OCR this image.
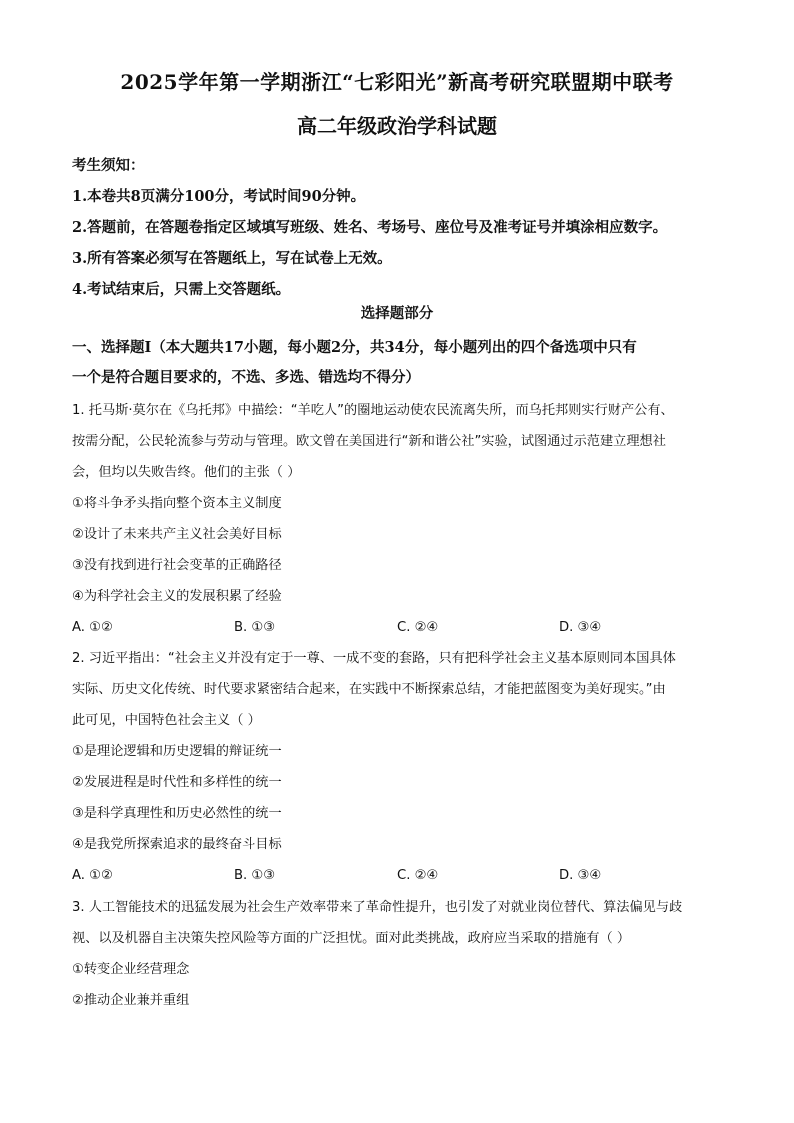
2025学年第一学期浙江“七彩阳光”新高考研究联盟期中联考
高二年级政治学科试题
考生须知：
1.本卷共8页满分100分，考试时间90分钟。
2.答题前，在答题卷指定区域填写班级、姓名、考场号、座位号及准考证号并填涂相应数字。
3.所有答案必须写在答题纸上，写在试卷上无效。
4.考试结束后，只需上交答题纸。
选择题部分
一、选择题Ⅰ（本大题共17小题，每小题2分，共34分，每小题列出的四个备选项中只有
一个是符合题目要求的，不选、多选、错选均不得分）
1. 托马斯·莫尔在《乌托邦》中描绘：“羊吃人”的圈地运动使农民流离失所，而乌托邦则实行财产公有、
按需分配，公民轮流参与劳动与管理。欧文曾在美国进行“新和谐公社”实验，试图通过示范建立理想社
会，但均以失败告终。他们的主张（ ）
①将斗争矛头指向整个资本主义制度
②设计了未来共产主义社会美好目标
③没有找到进行社会变革的正确路径
④为科学社会主义的发展积累了经验
A. ①②	B. ①③	C. ②④	D. ③④
2. 习近平指出：“社会主义并没有定于一尊、一成不变的套路，只有把科学社会主义基本原则同本国具体
实际、历史文化传统、时代要求紧密结合起来，在实践中不断探索总结，才能把蓝图变为美好现实。”由
此可见，中国特色社会主义（ ）
①是理论逻辑和历史逻辑的辩证统一
②发展进程是时代性和多样性的统一
③是科学真理性和历史必然性的统一
④是我党所探索追求的最终奋斗目标
A. ①②	B. ①③	C. ②④	D. ③④
3. 人工智能技术的迅猛发展为社会生产效率带来了革命性提升，也引发了对就业岗位替代、算法偏见与歧
视、以及机器自主决策失控风险等方面的广泛担忧。面对此类挑战，政府应当采取的措施有（ ）
①转变企业经营理念
②推动企业兼并重组
